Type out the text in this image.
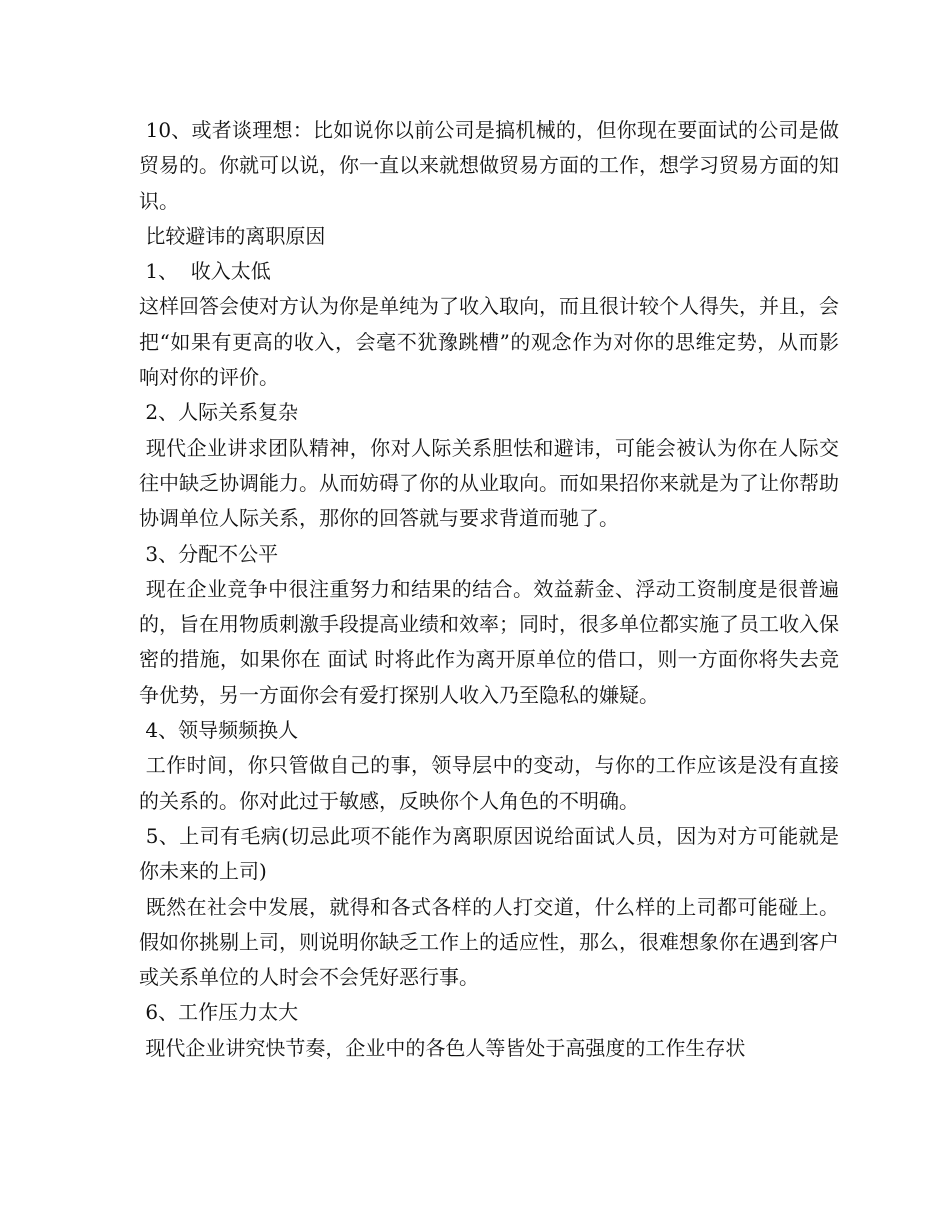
10、或者谈理想：比如说你以前公司是搞机械的，但你现在要面试的公司是做贸易的。你就可以说，你一直以来就想做贸易方面的工作，想学习贸易方面的知识。

比较避讳的离职原因

1、  收入太低

这样回答会使对方认为你是单纯为了收入取向，而且很计较个人得失，并且，会把“如果有更高的收入，会毫不犹豫跳槽”的观念作为对你的思维定势，从而影响对你的评价。

2、人际关系复杂

现代企业讲求团队精神，你对人际关系胆怯和避讳，可能会被认为你在人际交往中缺乏协调能力。从而妨碍了你的从业取向。而如果招你来就是为了让你帮助协调单位人际关系，那你的回答就与要求背道而驰了。

3、分配不公平

现在企业竞争中很注重努力和结果的结合。效益薪金、浮动工资制度是很普遍的，旨在用物质刺激手段提高业绩和效率；同时，很多单位都实施了员工收入保密的措施，如果你在 面试 时将此作为离开原单位的借口，则一方面你将失去竞争优势，另一方面你会有爱打探别人收入乃至隐私的嫌疑。

4、领导频频换人

工作时间，你只管做自己的事，领导层中的变动，与你的工作应该是没有直接的关系的。你对此过于敏感，反映你个人角色的不明确。

5、上司有毛病(切忌此项不能作为离职原因说给面试人员，因为对方可能就是你未来的上司)

既然在社会中发展，就得和各式各样的人打交道，什么样的上司都可能碰上。假如你挑剔上司，则说明你缺乏工作上的适应性，那么，很难想象你在遇到客户或关系单位的人时会不会凭好恶行事。

6、工作压力太大

现代企业讲究快节奏，企业中的各色人等皆处于高强度的工作生存状
